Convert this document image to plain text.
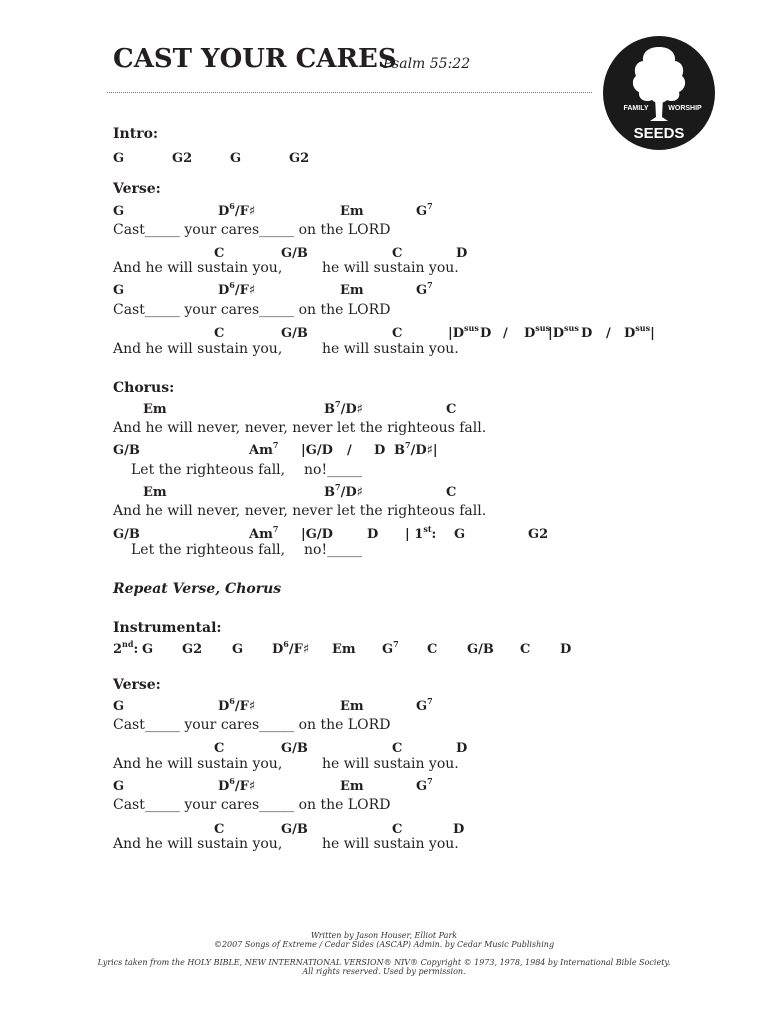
CAST YOUR CARES
Psalm 55:22
FAMILY	WORSHIP
SEEDS
Intro:
G	G2	G	G2
Verse:
G	$D^6/F♯$	Em	$G^7$
Cast_____ your cares_____ on the LORD
C	G/B	C	D
And he will sustain you,	he will sustain you.
G	$D^6/F♯$	Em	$G^7$
Cast_____ your cares_____ on the LORD
C	G/B	C	$|D^{sus}$ D / $D^{sus}$
$|D^{sus}$ D / $D^{sus}|$
And he will sustain you,	he will sustain you.
Chorus:
Em	$B^7/D♯$	C
And he will never, never, never let the righteous fall.
G/B	Am$^7$ |G/D / D $B^7/D♯|$
Let the righteous fall, no!_____
Em	$B^7/D♯$	C
And he will never, never, never let the righteous fall.
G/B	Am$^7$ |G/D	D | 1st: G	G2
Let the righteous fall, no!_____
Repeat Verse, Chorus
Instrumental:
2nd: G G2 G $D^6/F♯$ Em $G^7$ C G/B C D
Verse:
G	$D^6/F♯$	Em	$G^7$
Cast_____ your cares_____ on the LORD
C	G/B	C	D
And he will sustain you,	he will sustain you.
G	$D^6/F♯$	Em	$G^7$
Cast_____ your cares_____ on the LORD
C	G/B	C	D
And he will sustain you,	he will sustain you.
Written by Jason Houser, Elliot Park
©2007 Songs of Extreme / Cedar Sides (ASCAP) Admin. by Cedar Music Publishing
Lyrics taken from the HOLY BIBLE, NEW INTERNATIONAL VERSION® NIV® Copyright © 1973, 1978, 1984 by International Bible Society.
All rights reserved. Used by permission.
